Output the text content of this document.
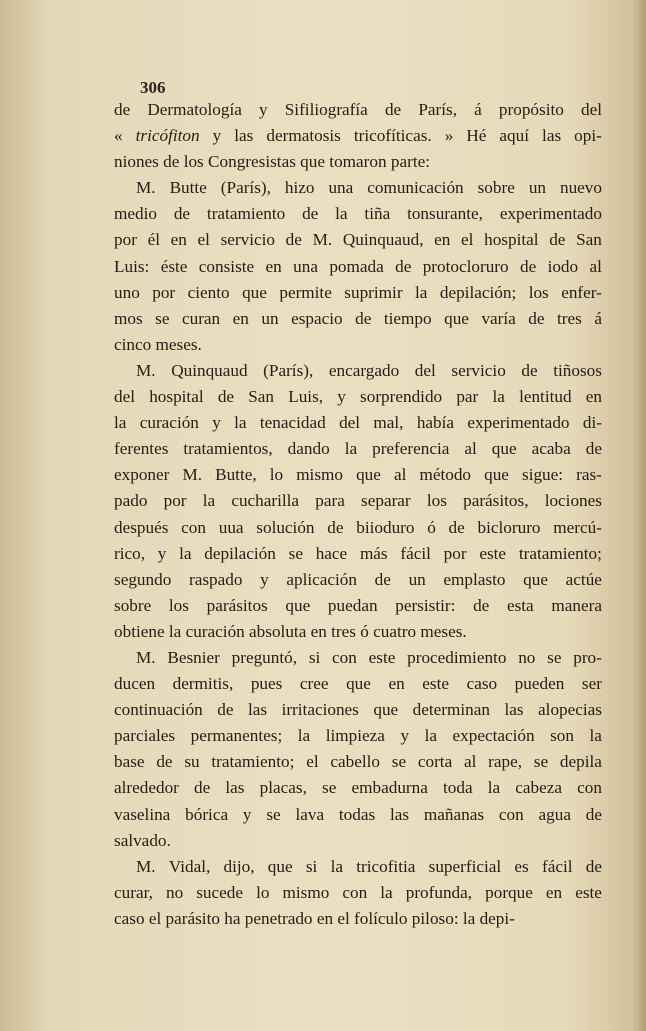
306
de Dermatología y Sifiliografía de París, á propósito del
« tricófiton y las dermatosis tricofíticas. » Hé aquí las opi-
niones de los Congresistas que tomaron parte:
M. Butte (París), hizo una comunicación sobre un nuevo
medio de tratamiento de la tiña tonsurante, experimentado
por él en el servicio de M. Quinquaud, en el hospital de San
Luis: éste consiste en una pomada de protocloruro de iodo al
uno por ciento que permite suprimir la depilación; los enfer-
mos se curan en un espacio de tiempo que varía de tres á
cinco meses.
M. Quinquaud (París), encargado del servicio de tiñosos
del hospital de San Luis, y sorprendido par la lentitud en
la curación y la tenacidad del mal, había experimentado di-
ferentes tratamientos, dando la preferencia al que acaba de
exponer M. Butte, lo mismo que al método que sigue: ras-
pado por la cucharilla para separar los parásitos, lociones
después con uua solución de biioduro ó de bicloruro mercú-
rico, y la depilación se hace más fácil por este tratamiento;
segundo raspado y aplicación de un emplasto que actúe
sobre los parásitos que puedan persistir: de esta manera
obtiene la curación absoluta en tres ó cuatro meses.
M. Besnier preguntó, si con este procedimiento no se pro-
ducen dermitis, pues cree que en este caso pueden ser
continuación de las irritaciones que determinan las alopecias
parciales permanentes; la limpieza y la expectación son la
base de su tratamiento; el cabello se corta al rape, se depila
alrededor de las placas, se embadurna toda la cabeza con
vaselina bórica y se lava todas las mañanas con agua de
salvado.
M. Vidal, dijo, que si la tricofitia superficial es fácil de
curar, no sucede lo mismo con la profunda, porque en este
caso el parásito ha penetrado en el folículo piloso: la depi-
